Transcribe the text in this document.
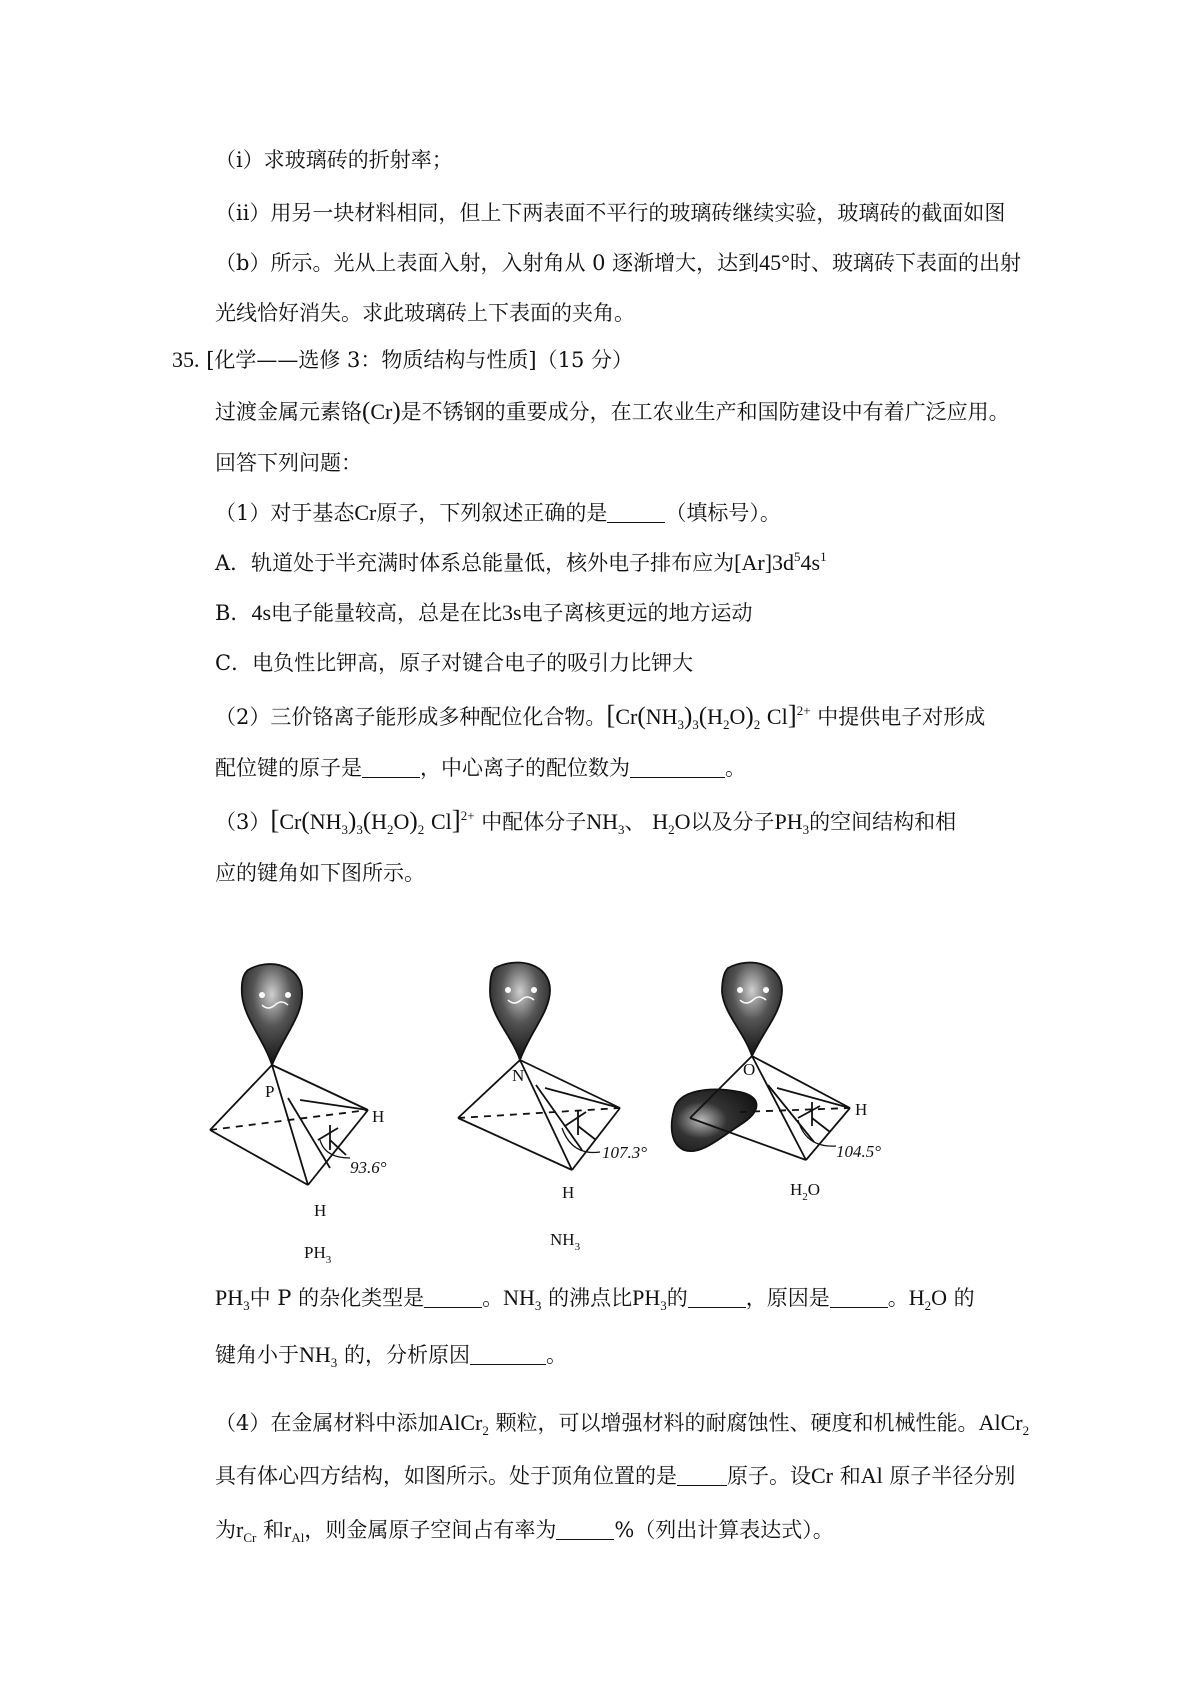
（ⅰ）求玻璃砖的折射率；
（ⅱ）用另一块材料相同，但上下两表面不平行的玻璃砖继续实验，玻璃砖的截面如图
（b）所示。光从上表面入射，入射角从 0 逐渐增大，达到45°时、玻璃砖下表面的出射
光线恰好消失。求此玻璃砖上下表面的夹角。
35. [化学——选修 3：物质结构与性质]（15 分）
过渡金属元素铬(Cr)是不锈钢的重要成分，在工农业生产和国防建设中有着广泛应用。
回答下列问题：
（1）对于基态Cr原子，下列叙述正确的是	（填标号）。
A．轨道处于半充满时体系总能量低，核外电子排布应为$[Ar]3d^54s^1$
B．4s电子能量较高，总是在比3s电子离核更远的地方运动
C．电负性比钾高，原子对键合电子的吸引力比钾大
（2）三价铬离子能形成多种配位化合物。[$Cr(NH_3)_3(H_2O)_2$ Cl]$^{2+}$ 中提供电子对形成
配位键的原子是	，中心离子的配位数为	。
$(3)[Cr(NH_3)_3(H_2O)_2$ Cl]$^{2+}$ 中配体分子$NH_3$、 $H_2O$以及分子$PH_3$的空间结构和相
应的键角如下图所示。
P
H
93.6°
H
$PH_3$
N
107.3°
H
$NH_3$
O
H
104.5°
$H_2O$
$PH_3$中 P 的杂化类型是	。$NH_3$ 的沸点比$PH_3$的	，原因是	。$H_2O$ 的
键角小于$NH_3$ 的，分析原因	。
（4）在金属材料中添加AlCr$_2$ 颗粒，可以增强材料的耐腐蚀性、硬度和机械性能。AlCr$_2$
具有体心四方结构，如图所示。处于顶角位置的是 原子。设Cr 和Al 原子半径分别
为$r_{Cr}$ 和$r_{Al}$，则金属原子空间占有率为	%（列出计算表达式）。
